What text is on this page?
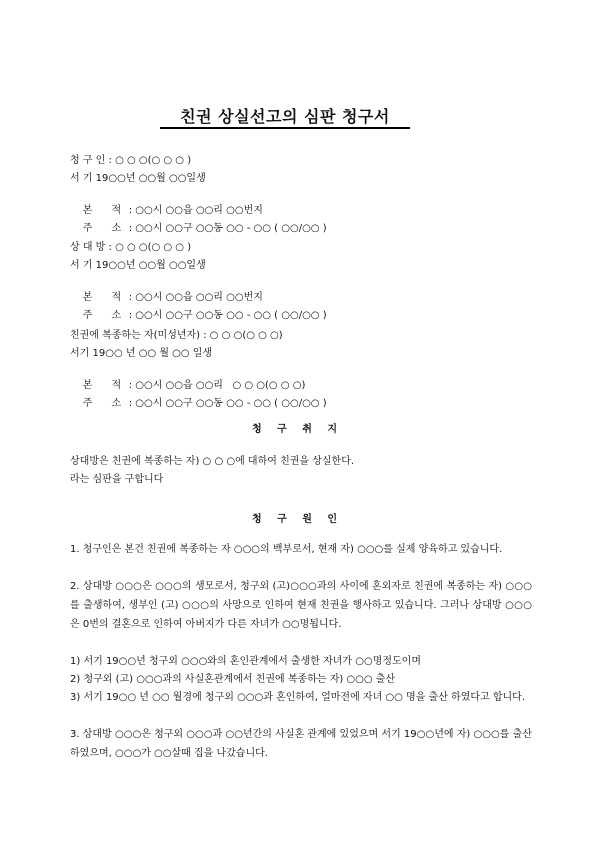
친권 상실선고의 심판 청구서
청 구 인 : ○ ○ ○(○ ○ ○ )
서 기 19○○년 ○○월 ○○일생

본      적 : ○○시 ○○읍 ○○리 ○○번지

주      소 : ○○시 ○○구 ○○동 ○○ - ○○ ( ○○/○○ )

상 대 방 : ○ ○ ○(○ ○ ○ )
서 기 19○○년 ○○월 ○○일생

본      적 : ○○시 ○○읍 ○○리 ○○번지

주      소 : ○○시 ○○구 ○○동 ○○ - ○○ ( ○○/○○ )

친권에 복종하는 자(미성년자) : ○ ○ ○(○ ○ ○)
서기 19○○ 년 ○○ 월 ○○ 일생

본      적 : ○○시 ○○읍 ○○리   ○ ○ ○(○ ○ ○)

주      소 : ○○시 ○○구 ○○동 ○○ - ○○ ( ○○/○○ )

청 구 취 지
상대방은 친권에 복종하는 자) ○ ○ ○에 대하여 친권을 상실한다.
라는 심판을 구합니다
청 구 원 인
1. 청구인은 본건 친권에 복종하는 자 ○○○의 백부로서, 현재 자) ○○○를 실제 양육하고 있습니다.
2. 상대방 ○○○은 ○○○의 생모로서, 청구외 (고)○○○과의 사이에 혼외자로 친권에 복종하는 자) ○○○를 출생하여, 생부인 (고) ○○○의 사망으로 인하여 현재 친권을 행사하고 있습니다. 그러나 상대방 ○○○은 0번의 결혼으로 인하여 아버지가 다른 자녀가 ○○명됩니다.
1) 서기 19○○년 청구외 ○○○와의 혼인관계에서 출생한 자녀가 ○○명정도이며
2) 청구외 (고) ○○○과의 사실혼관계에서 친권에 복종하는 자) ○○○ 출산
3) 서기 19○○ 년 ○○ 월경에 청구외 ○○○과 혼인하여, 얼마전에 자녀 ○○ 명을 출산 하였다고 합니다.
3. 상대방 ○○○은 청구외 ○○○과 ○○년간의 사실혼 관계에 있었으며 서기 19○○년에 자) ○○○를 출산하였으며, ○○○가 ○○살때 집을 나갔습니다.
